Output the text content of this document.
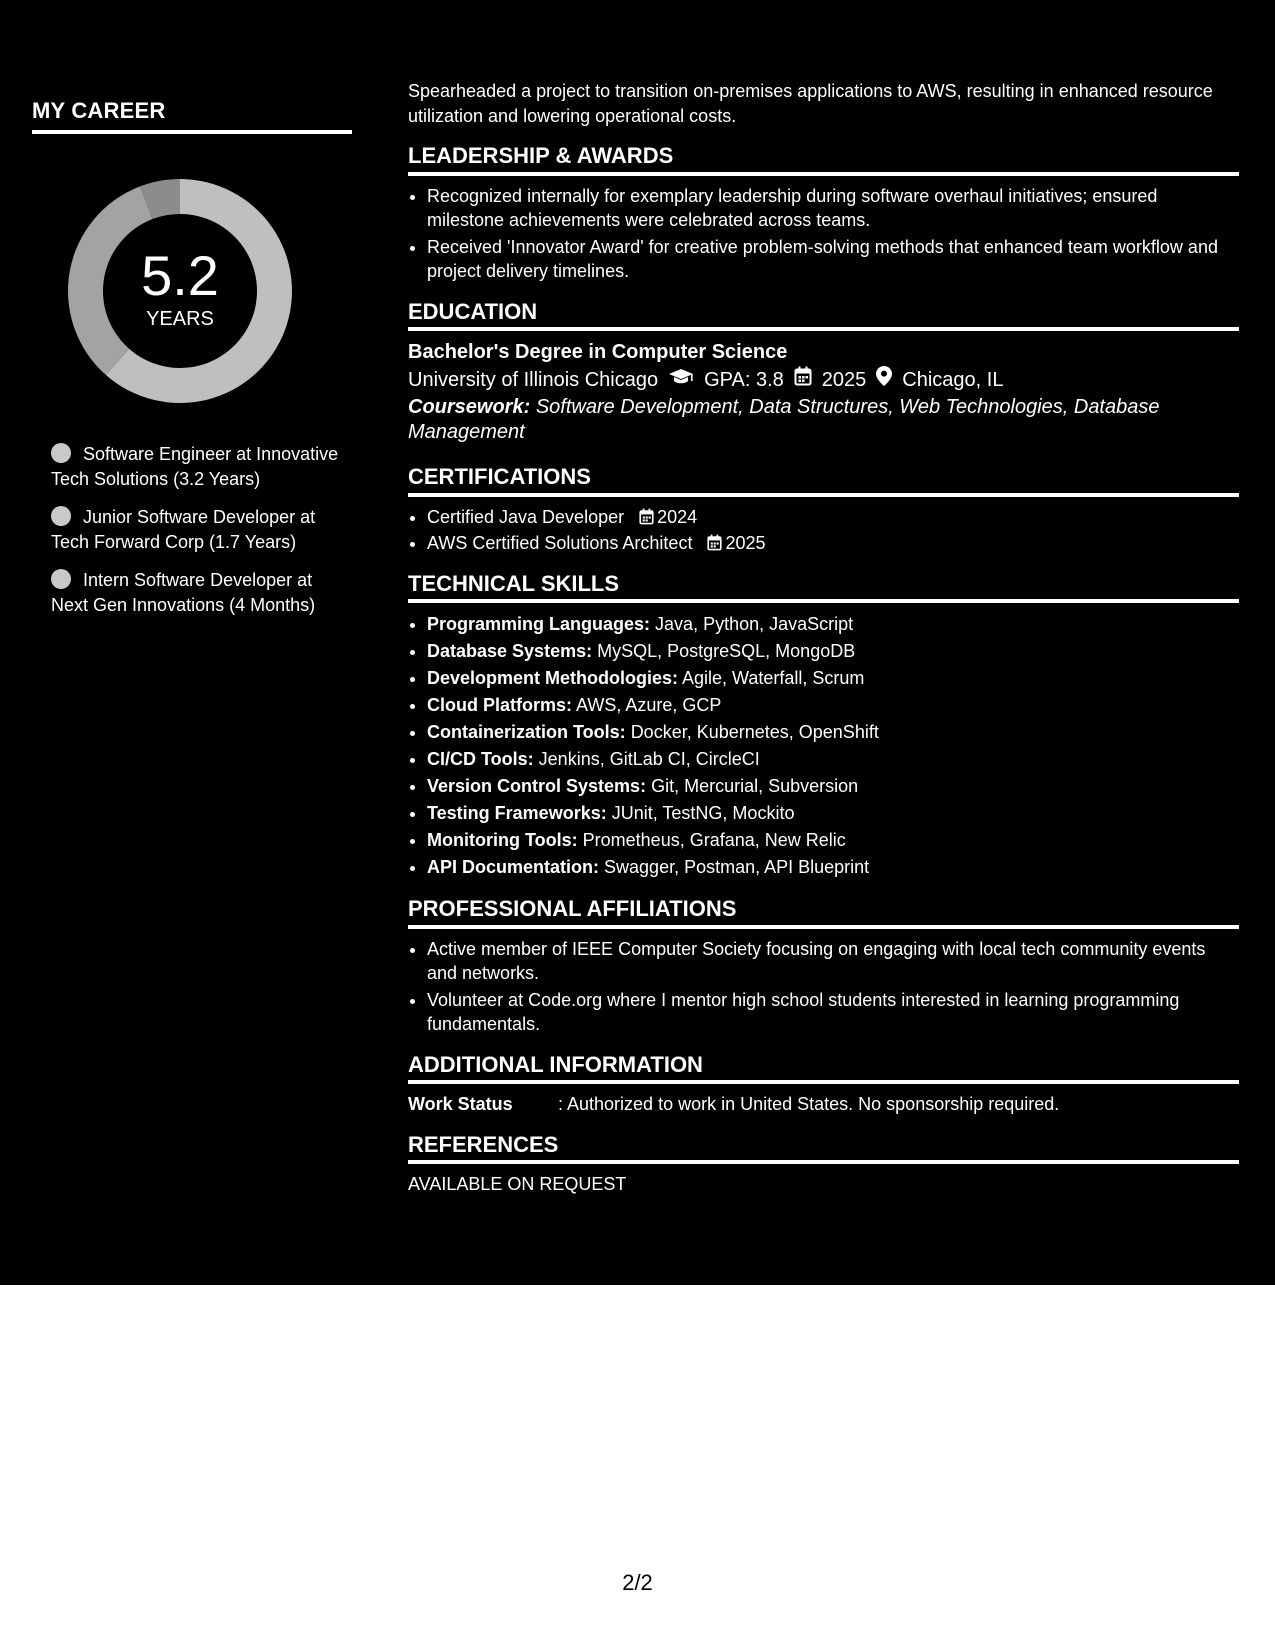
MY CAREER
5.2
YEARS
Software Engineer at Innovative Tech Solutions (3.2 Years)
Junior Software Developer at Tech Forward Corp (1.7 Years)
Intern Software Developer at Next Gen Innovations (4 Months)

Spearheaded a project to transition on-premises applications to AWS, resulting in enhanced resource utilization and lowering operational costs.

LEADERSHIP & AWARDS
• Recognized internally for exemplary leadership during software overhaul initiatives; ensured milestone achievements were celebrated across teams.
• Received 'Innovator Award' for creative problem-solving methods that enhanced team workflow and project delivery timelines.
EDUCATION
Bachelor's Degree in Computer Science
University of Illinois Chicago GPA: 3.8 2025 Chicago, IL
Coursework: Software Development, Data Structures, Web Technologies, Database Management
CERTIFICATIONS
• Certified Java Developer 2024
• AWS Certified Solutions Architect 2025
TECHNICAL SKILLS
• Programming Languages: Java, Python, JavaScript
• Database Systems: MySQL, PostgreSQL, MongoDB
• Development Methodologies: Agile, Waterfall, Scrum
• Cloud Platforms: AWS, Azure, GCP
• Containerization Tools: Docker, Kubernetes, OpenShift
• CI/CD Tools: Jenkins, GitLab CI, CircleCI
• Version Control Systems: Git, Mercurial, Subversion
• Testing Frameworks: JUnit, TestNG, Mockito
• Monitoring Tools: Prometheus, Grafana, New Relic
• API Documentation: Swagger, Postman, API Blueprint
PROFESSIONAL AFFILIATIONS
• Active member of IEEE Computer Society focusing on engaging with local tech community events and networks.
• Volunteer at Code.org where I mentor high school students interested in learning programming fundamentals.
ADDITIONAL INFORMATION
Work Status	: Authorized to work in United States. No sponsorship required.
REFERENCES
AVAILABLE ON REQUEST
2/2
